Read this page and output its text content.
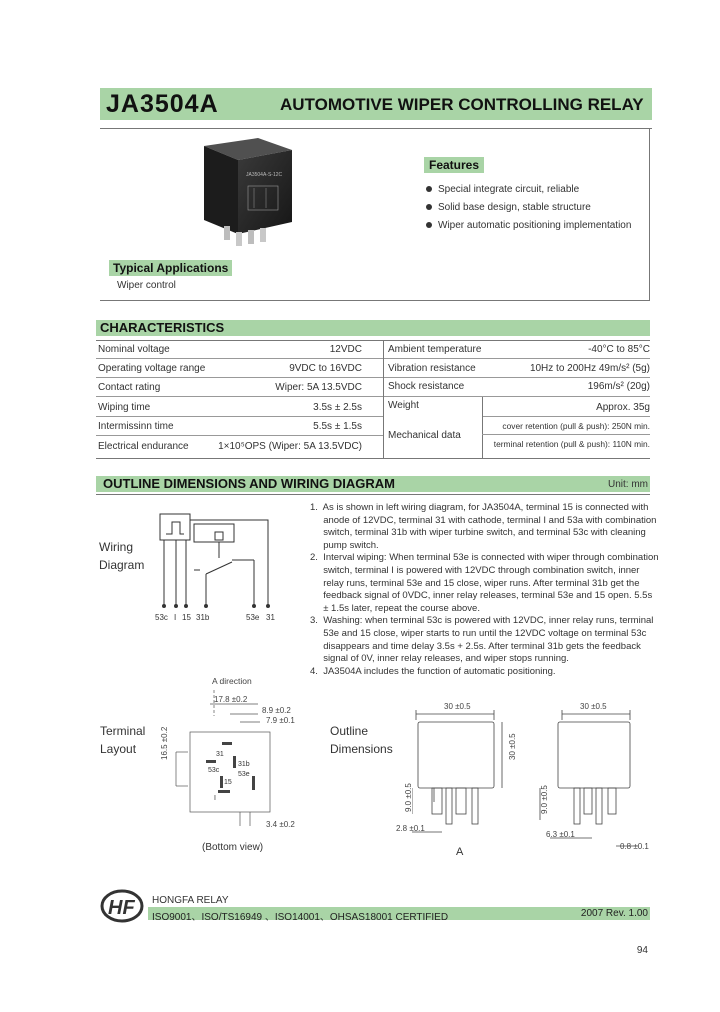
JA3504A	AUTOMOTIVE WIPER CONTROLLING RELAY
JA3504A-S-12C
Features
Special integrate circuit, reliable
Solid base design, stable structure
Wiper automatic positioning implementation
Typical Applications
Wiper control
CHARACTERISTICS
Nominal voltage	12VDC
Operating voltage range	9VDC to 16VDC
Contact rating	Wiper: 5A 13.5VDC
Wiping time	3.5s ± 2.5s
Intermissinn time	5.5s ± 1.5s
Electrical endurance	1×10⁵OPS (Wiper: 5A 13.5VDC)
Ambient temperature	-40°C to 85°C
Vibration resistance	10Hz to 200Hz 49m/s² (5g)
Shock resistance	196m/s² (20g)
Weight	Approx. 35g
Mechanical data
cover retention (pull & push): 250N min.
terminal retention (pull & push): 110N min.
OUTLINE DIMENSIONS AND WIRING DIAGRAM	Unit: mm
Wiring
Diagram
53c I 15 31b	53e 31
1.  As is shown in left wiring diagram, for JA3504A, terminal 15 is connected with
anode of 12VDC, terminal 31 with cathode, terminal I and 53a with combination
switch, terminal 31b with wiper turbine switch, and terminal 53c with cleaning
pump switch.
2.  Interval wiping: When terminal 53e is connected with wiper through combination
switch, terminal I is powered with 12VDC through combination switch, inner
relay runs, terminal 53e and 15 close, wiper runs. After terminal 31b get the
feedback signal of 0VDC, inner relay releases, terminal 53e and 15 open. 5.5s
± 1.5s later, repeat the course above.
3.  Washing: when terminal 53c is powered with 12VDC, inner relay runs, terminal
53e and 15 close, wiper starts to run until the 12VDC voltage on terminal 53c
disappears and time delay 3.5s + 2.5s. After terminal 31b gets the feedback
signal of 0V, inner relay releases, and wiper stops running.
4.  JA3504A includes the function of automatic positioning.
Terminal
Layout
A direction
17.8 ±0.2
8.9 ±0.2
7.9 ±0.1
16.5 ±0.2
3.4 ±0.2
31
31b
53e
53c
15
I
(Bottom view)
Outline
Dimensions
30 ±0.5
30 ±0.5
9.0 ±0.5
2.8 ±0.1
30 ±0.5
9.0 ±0.5
6.3 ±0.1
0.8 ±0.1
A
HF HONGFA RELAY
ISO9001、ISO/TS16949 、ISO14001、OHSAS18001 CERTIFIED	2007 Rev. 1.00
94
